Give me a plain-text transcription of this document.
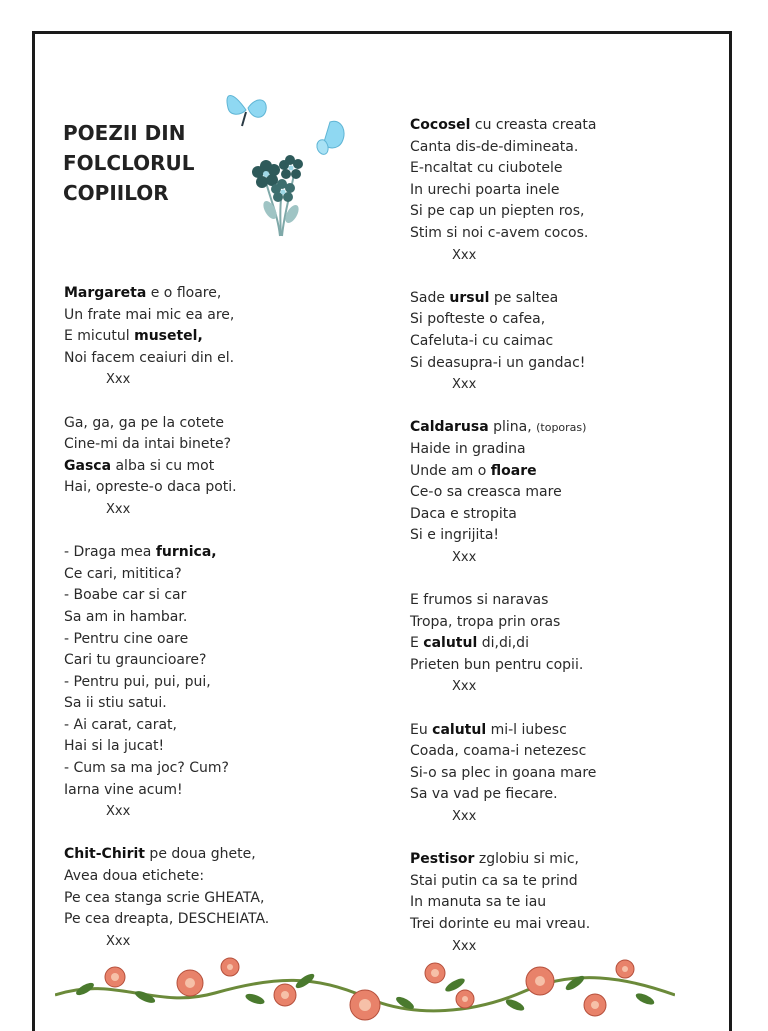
POEZII DIN
FOLCLORUL
COPIILOR
Margareta e o floare,
Un frate mai mic ea are,
E micutul musetel,
Noi facem ceaiuri din el.
Xxx
Ga, ga, ga pe la cotete
Cine-mi da intai binete?
Gasca alba si cu mot
Hai, opreste-o daca poti.
Xxx
- Draga mea furnica,
Ce cari, mititica?
- Boabe car si car
Sa am in hambar.
- Pentru cine oare
Cari tu grauncioare?
- Pentru pui, pui, pui,
Sa ii stiu satui.
- Ai carat, carat,
Hai si la jucat!
- Cum sa ma joc? Cum?
Iarna vine acum!
Xxx
Chit-Chirit pe doua ghete,
Avea doua etichete:
Pe cea stanga scrie GHEATA,
Pe cea dreapta, DESCHEIATA.
Xxx
Cocosel cu creasta creata
Canta dis-de-dimineata.
E-ncaltat cu ciubotele
In urechi poarta inele
Si pe cap un piepten ros,
Stim si noi c-avem cocos.
Xxx
Sade ursul pe saltea
Si pofteste o cafea,
Cafeluta-i cu caimac
Si deasupra-i un gandac!
Xxx
Caldarusa plina, (toporas)
Haide in gradina
Unde am o floare
Ce-o sa creasca mare
Daca e stropita
Si e ingrijita!
Xxx
E frumos si naravas
Tropa, tropa prin oras
E calutul di,di,di
Prieten bun pentru copii.
Xxx
Eu calutul mi-l iubesc
Coada, coama-i netezesc
Si-o sa plec in goana mare
Sa va vad pe fiecare.
Xxx
Pestisor zglobiu si mic,
Stai putin ca sa te prind
In manuta sa te iau
Trei dorinte eu mai vreau.
Xxx
